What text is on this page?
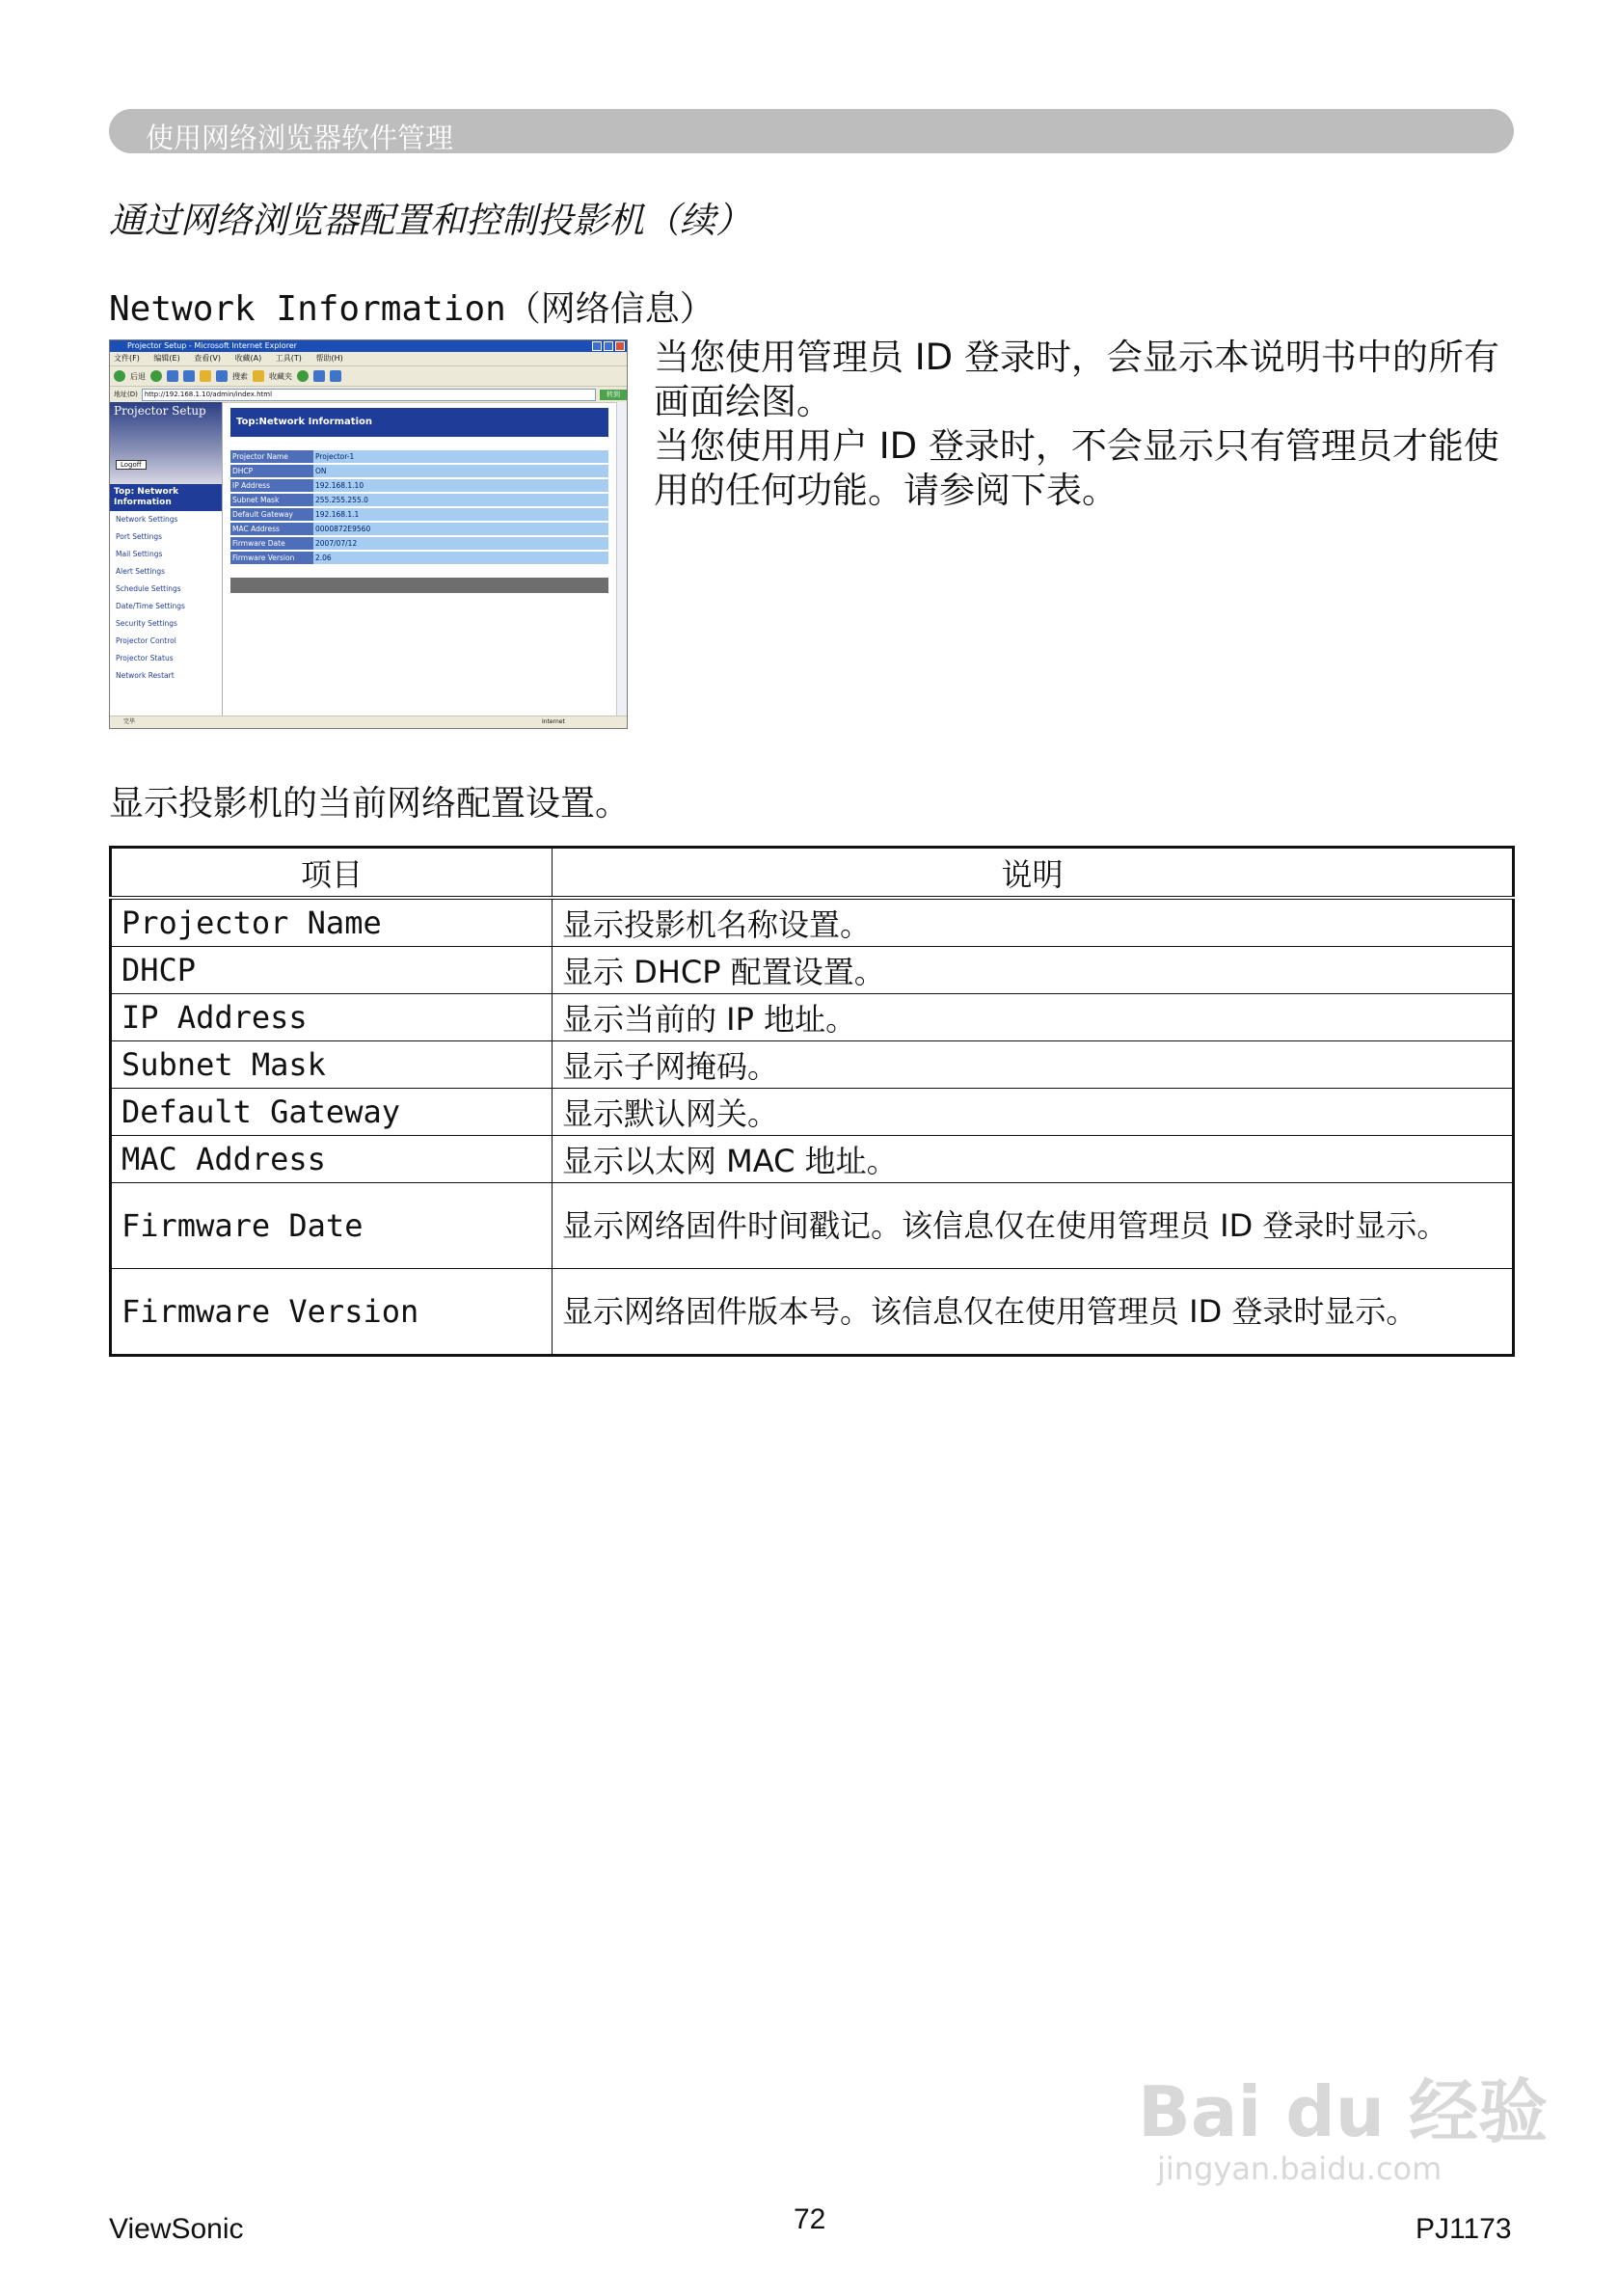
使用网络浏览器软件管理
通过网络浏览器配置和控制投影机（续）
Network Information（网络信息）
Projector Setup - Microsoft Internet Explorer
文件(F) 编辑(E) 查看(V) 收藏(A) 工具(T) 帮助(H)
后退	搜索	收藏夹
地址(D)	http://192.168.1.10/admin/index.html	转到
Projector Setup
Logoff
Top: Network Information
Network Settings
Port Settings
Mail Settings
Alert Settings
Schedule Settings
Date/Time Settings
Security Settings
Projector Control
Projector Status
Network Restart
Top:Network Information
Projector Name	Projector-1
DHCP	ON
IP Address	192.168.1.10
Subnet Mask	255.255.255.0
Default Gateway	192.168.1.1
MAC Address	0000872E9560
Firmware Date	2007/07/12
Firmware Version	2.06
完毕	Internet

当您使用管理员 ID 登录时，会显示本说明书中的所有画面绘图。

当您使用用户 ID 登录时，不会显示只有管理员才能使用的任何功能。请参阅下表。

显示投影机的当前网络配置设置。
项目	说明
Projector Name	显示投影机名称设置。
DHCP	显示 DHCP 配置设置。
IP Address	显示当前的 IP 地址。
Subnet Mask	显示子网掩码。
Default Gateway	显示默认网关。
MAC Address	显示以太网 MAC 地址。
Firmware Date	显示网络固件时间戳记。该信息仅在使用管理员 ID 登录时显示。
Firmware Version	显示网络固件版本号。该信息仅在使用管理员 ID 登录时显示。
Bai du 经验
jingyan.baidu.com
ViewSonic	72	PJ1173
